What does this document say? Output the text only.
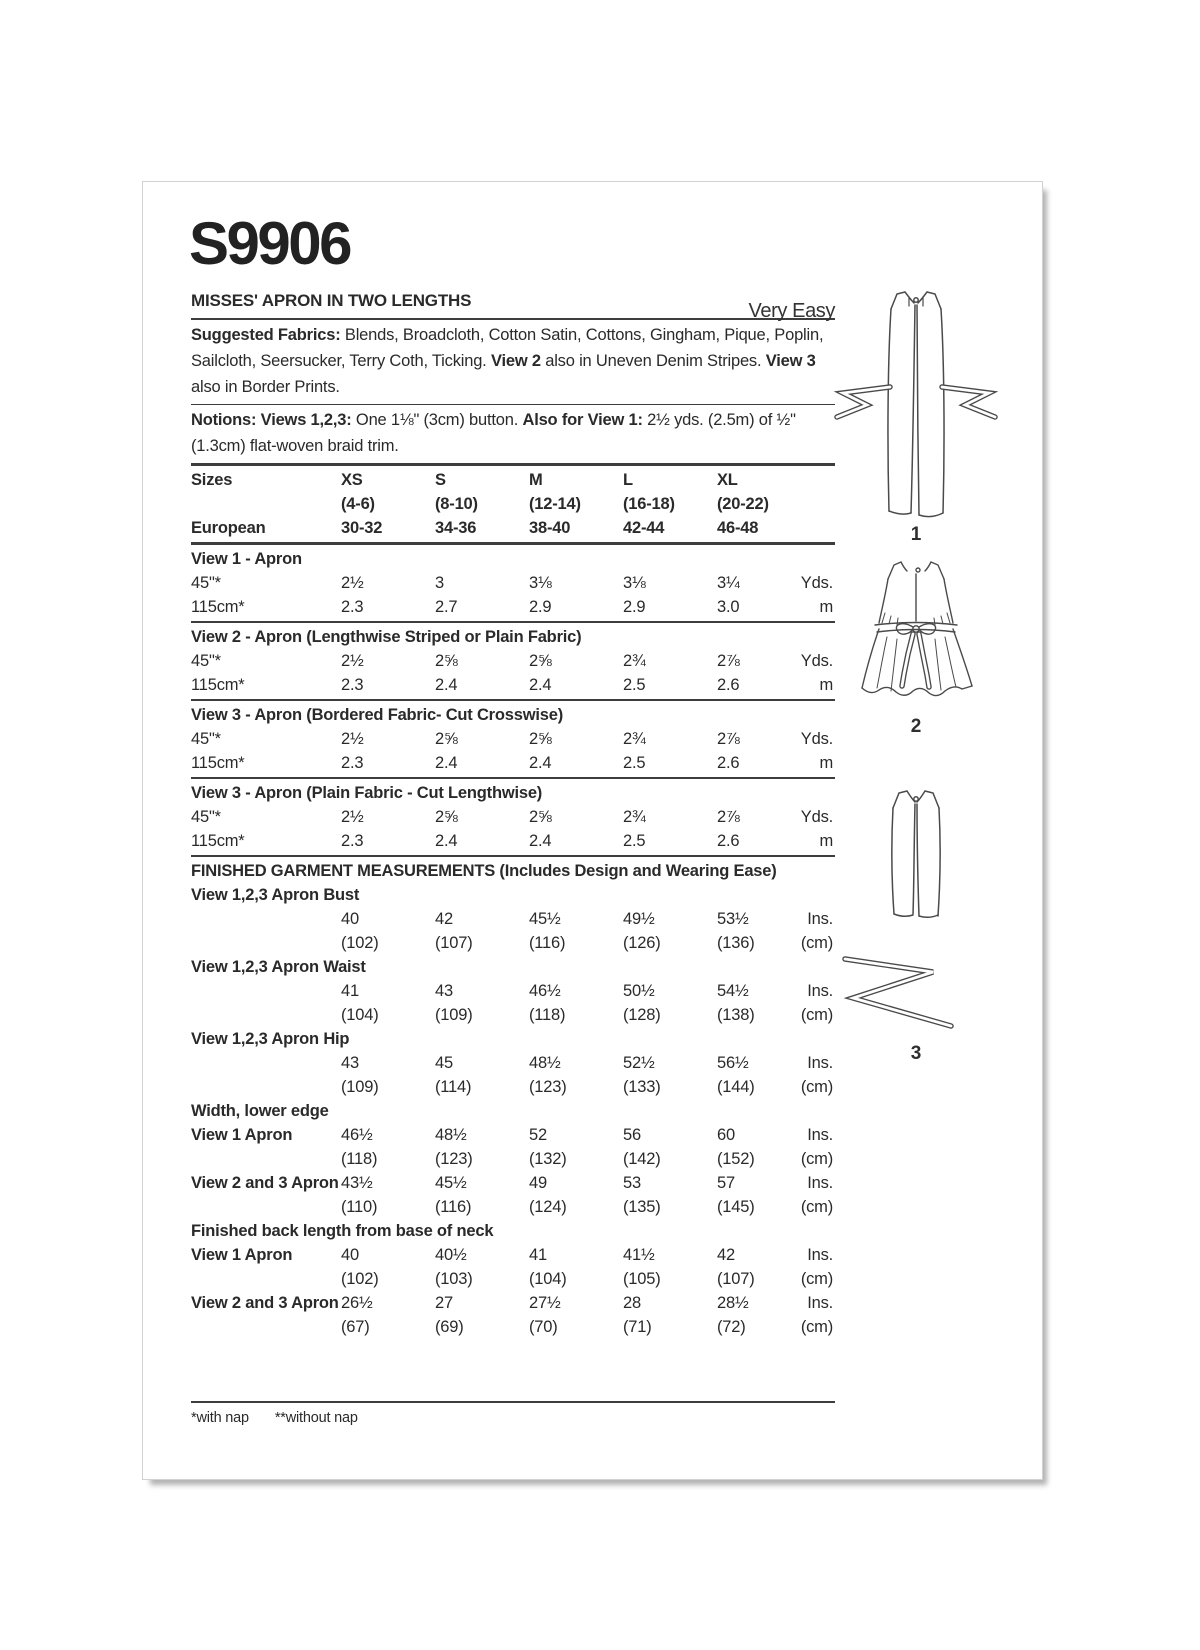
S9906
Very Easy
MISSES' APRON IN TWO LENGTHS

Suggested Fabrics: Blends, Broadcloth, Cotton Satin, Cottons, Gingham, Pique, Poplin, Sailcloth, Seersucker, Terry Coth, Ticking. View 2 also in Uneven Denim Stripes. View 3 also in Border Prints.

Notions: Views 1,2,3: One 1⅛" (3cm) button. Also for View 1: 2½ yds. (2.5m) of ½" (1.3cm) flat-woven braid trim.

Sizes	XS	S	M	L	XL
(4-6)	(8-10)	(12-14)	(16-18)	(20-22)
European	30-32	34-36	38-40	42-44	46-48
View 1 - Apron
45"*	2½	3	3⅛	3⅛	3¼	Yds.
115cm*	2.3	2.7	2.9	2.9	3.0	m
View 2 - Apron (Lengthwise Striped or Plain Fabric)
45"*	2½	2⅝	2⅝	2¾	2⅞	Yds.
115cm*	2.3	2.4	2.4	2.5	2.6	m
View 3 - Apron (Bordered Fabric- Cut Crosswise)
45"*	2½	2⅝	2⅝	2¾	2⅞	Yds.
115cm*	2.3	2.4	2.4	2.5	2.6	m
View 3 - Apron (Plain Fabric - Cut Lengthwise)
45"*	2½	2⅝	2⅝	2¾	2⅞	Yds.
115cm*	2.3	2.4	2.4	2.5	2.6	m
FINISHED GARMENT MEASUREMENTS (Includes Design and Wearing Ease)
View 1,2,3 Apron Bust
40	42	45½	49½	53½	Ins.
(102)	(107)	(116)	(126)	(136)	(cm)
View 1,2,3 Apron Waist
41	43	46½	50½	54½	Ins.
(104)	(109)	(118)	(128)	(138)	(cm)
View 1,2,3 Apron Hip
43	45	48½	52½	56½	Ins.
(109)	(114)	(123)	(133)	(144)	(cm)
Width, lower edge
View 1 Apron	46½	48½	52	56	60	Ins.
(118)	(123)	(132)	(142)	(152)	(cm)
View 2 and 3 Apron 43½	45½	49	53	57	Ins.
(110)	(116)	(124)	(135)	(145)	(cm)
Finished back length from base of neck
View 1 Apron	40	40½	41	41½	42	Ins.
(102)	(103)	(104)	(105)	(107)	(cm)
View 2 and 3 Apron 26½	27	27½	28	28½	Ins.
(67)	(69)	(70)	(71)	(72)	(cm)
*with nap **without nap
1
2
3
